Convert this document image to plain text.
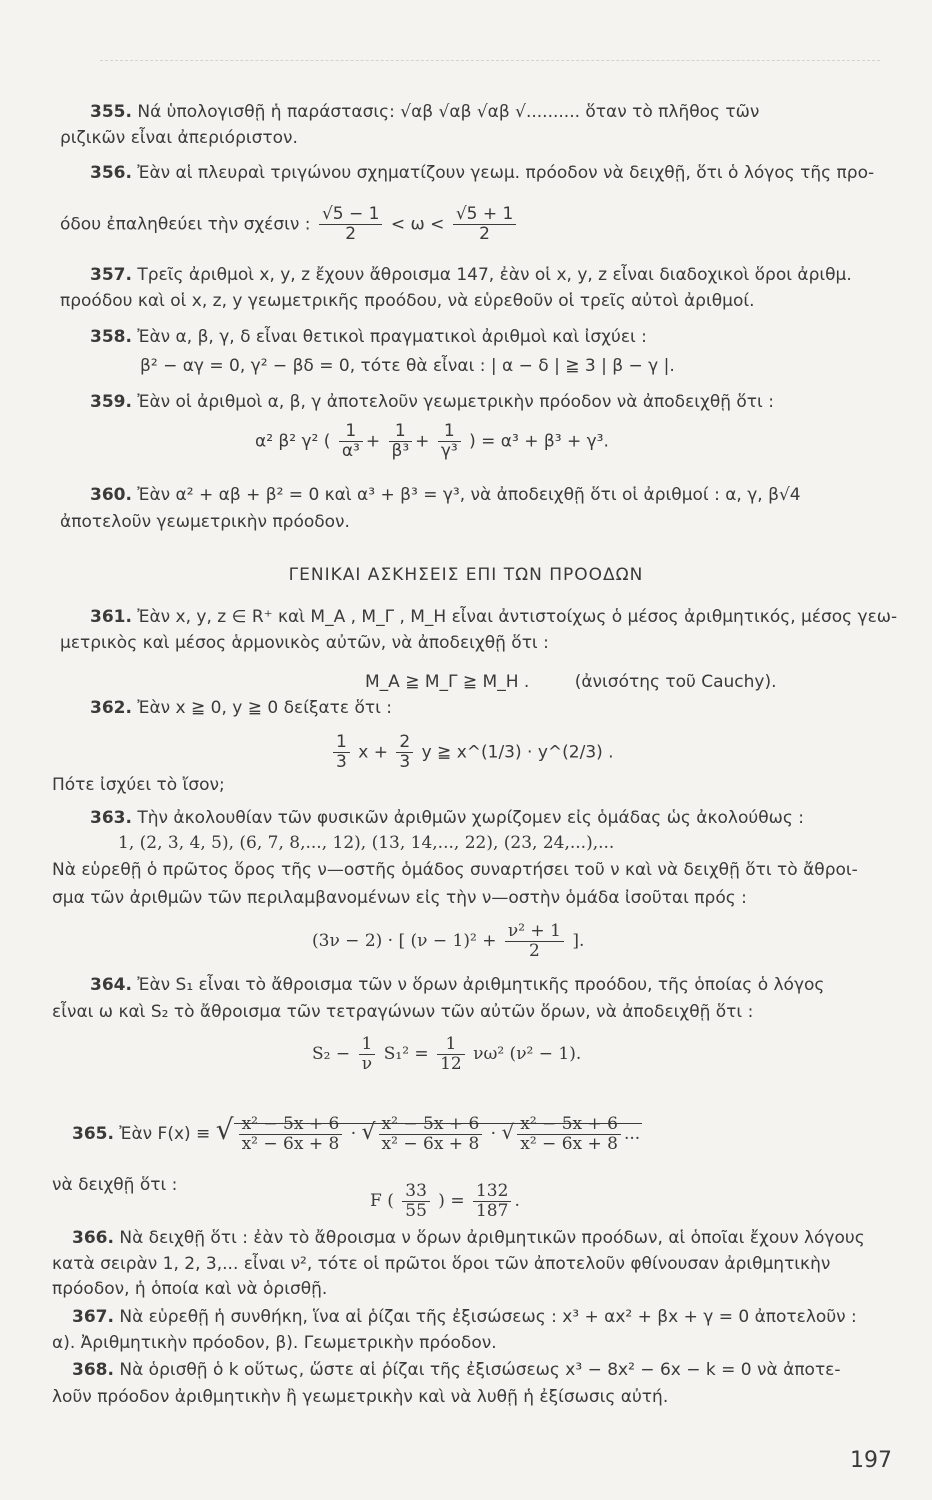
355. Νά ὑπολογισθῇ ἡ παράστασις: √αβ √αβ √αβ √.......... ὅταν τὸ πλῆθος τῶν
ριζικῶν εἶναι ἀπεριόριστον.
356. Ἐὰν αἱ πλευραὶ τριγώνου σχηματίζουν γεωμ. πρόοδον νὰ δειχθῇ, ὅτι ὁ λόγος τῆς προ-
όδου ἐπαληθεύει τὴν σχέσιν : $\frac{√5 - 1}{2} < \omega < \frac{√5 + 1}{2}$
357. Τρεῖς ἀριθμοὶ x, y, z ἔχουν ἄθροισμα 147, ἐὰν οἱ x, y, z εἶναι διαδοχικοὶ ὅροι ἀριθμ.
προόδου καὶ οἱ x, z, y γεωμετρικῆς προόδου, νὰ εὑρεθοῦν οἱ τρεῖς αὐτοὶ ἀριθμοί.
358. Ἐὰν α, β, γ, δ εἶναι θετικοὶ πραγματικοὶ ἀριθμοὶ καὶ ἰσχύει :
β² − αγ = 0, γ² − βδ = 0, τότε θὰ εἶναι : | α − δ | ≧ 3 | β − γ |.
359. Ἐὰν οἱ ἀριθμοὶ α, β, γ ἀποτελοῦν γεωμετρικὴν πρόοδον νὰ ἀποδειχθῇ ὅτι :
α² β² γ² ( $\frac{1}{\text{α³}} + \frac{1}{\text{β³}} + \frac{1}{\text{γ³}}$ ) = α³ + β³ + γ³.
360. Ἐὰν α² + αβ + β² = 0 καὶ α³ + β³ = γ³, νὰ ἀποδειχθῇ ὅτι οἱ ἀριθμοί : α, γ, β√4
ἀποτελοῦν γεωμετρικὴν πρόοδον.
ΓΕΝΙΚΑΙ ΑΣΚΗΣΕΙΣ ΕΠΙ ΤΩΝ ΠΡΟΟΔΩΝ
361. Ἐὰν x, y, z ∈ R⁺ καὶ M_A , M_Γ , M_H εἶναι ἀντιστοίχως ὁ μέσος ἀριθμητικός, μέσος γεω-
μετρικὸς καὶ μέσος ἁρμονικὸς αὐτῶν, νὰ ἀποδειχθῇ ὅτι :
M_A ≧ M_Γ ≧ M_H .	(ἀνισότης τοῦ Cauchy).
362. Ἐὰν x ≧ 0, y ≧ 0 δείξατε ὅτι :
$\frac{1}{3}$ $x + \frac{2}{3}$ y ≧ x^(1/3) · y^(2/3) .
Πότε ἰσχύει τὸ ἴσον;
363. Τὴν ἀκολουθίαν τῶν φυσικῶν ἀριθμῶν χωρίζομεν εἰς ὁμάδας ὡς ἀκολούθως :
1, (2, 3, 4, 5), (6, 7, 8,..., 12), (13, 14,..., 22), (23, 24,...),...
Νὰ εὑρεθῇ ὁ πρῶτος ὅρος τῆς ν—οστῆς ὁμάδος συναρτήσει τοῦ ν καὶ νὰ δειχθῇ ὅτι τὸ ἄθροι-
σμα τῶν ἀριθμῶν τῶν περιλαμβανομένων εἰς τὴν ν—οστὴν ὁμάδα ἰσοῦται πρός :
(3ν − 2) · [ $(\nu - 1)^2 + \frac{\text{ν² + 1}}{2}$ ].
364. Ἐὰν S₁ εἶναι τὸ ἄθροισμα τῶν ν ὅρων ἀριθμητικῆς προόδου, τῆς ὁποίας ὁ λόγος
εἶναι ω καὶ S₂ τὸ ἄθροισμα τῶν τετραγώνων τῶν αὐτῶν ὅρων, νὰ ἀποδειχθῇ ὅτι :
$S_2 - \frac{1}{\nu} S_1^2 = \frac{1}{12} \nu\omega^2$ (ν² − 1).
365. Ἐὰν F(x) ≡ √ $\frac{\text{x² − 5x + 6}}{\text{x² − 6x + 8}}$ · √ $\frac{\text{x² − 5x + 6}}{\text{x² − 6x + 8}}$ · √ $\frac{\text{x² − 5x + 6}}{\text{x² − 6x + 8}}$ ...
νὰ δειχθῇ ὅτι :
F ( $\frac{33}{55}$ ) = $\frac{132}{187}$ .
366. Νὰ δειχθῇ ὅτι : ἐὰν τὸ ἄθροισμα ν ὅρων ἀριθμητικῶν προόδων, αἱ ὁποῖαι ἔχουν λόγους
κατὰ σειρὰν 1, 2, 3,... εἶναι ν², τότε οἱ πρῶτοι ὅροι τῶν ἀποτελοῦν φθίνουσαν ἀριθμητικὴν
πρόοδον, ἡ ὁποία καὶ νὰ ὁρισθῇ.
367. Νὰ εὑρεθῇ ἡ συνθήκη, ἵνα αἱ ῥίζαι τῆς ἐξισώσεως : x³ + αx² + βx + γ = 0 ἀποτελοῦν :
α). Ἀριθμητικὴν πρόοδον, β). Γεωμετρικὴν πρόοδον.
368. Νὰ ὁρισθῇ ὁ k οὕτως, ὥστε αἱ ῥίζαι τῆς ἐξισώσεως x³ − 8x² − 6x − k = 0 νὰ ἀποτε-
λοῦν πρόοδον ἀριθμητικὴν ἢ γεωμετρικὴν καὶ νὰ λυθῇ ἡ ἐξίσωσις αὐτή.
197
